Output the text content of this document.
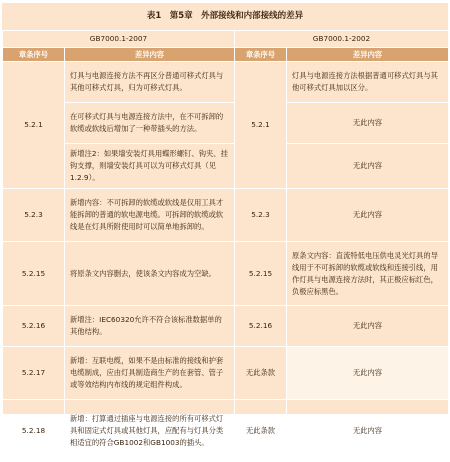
表1　第5章　外部接线和内部接线的差异
GB7000.1-2007		GB7000.1-2002	
章条序号	差异内容	章条序号	差异内容
5.2.1	灯具与电源连接方法不再区分普通可移式灯具与其他可移式灯具，归为可移式灯具。	5.2.1	灯具与电源连接方法根据普通可移式灯具与其他可移式灯具加以区分。
	在可移式灯具与电源连接方法中，在不可拆卸的软缆或软线后增加了一种带插头的方法。		无此内容
	新增注2：如果墙安装灯具用蝶形螺钉、钩夹、挂钩支撑，则墙安装灯具可以为可移式灯具（见1.2.9）。		无此内容
5.2.3	新增内容：不可拆卸的软缆或软线是仅用工具才能拆卸的普通的软电源电缆。可拆卸的软缆或软线是在灯具所附使用时可以简单地拆卸的。	5.2.3	无此内容
5.2.15	将原条文内容删去，使该条文内容成为空缺。	5.2.15	原条文内容：直流特低电压供电灵光灯具的导线用于不可拆卸的软缆或软线和连接引线，用作灯具与电源连接方法时，其正极应标红色，负极应标黑色。
5.2.16	新增注：IEC60320允许不符合该标准数据单的其他结构。	5.2.16	无此内容
5.2.17	新增：互联电缆，如果不是由标准的接线和护套电缆制成，应由灯具制造商生产的在套管、管子或等效结构内布线的规定组件构成。	无此条款	无此内容
5.2.18	新增：打算通过插座与电源连接的所有可移式灯具和固定式灯具或其他灯具，应配有与灯具分类相适宜的符合GB1002和GB1003的插头。	无此条款	无此内容
